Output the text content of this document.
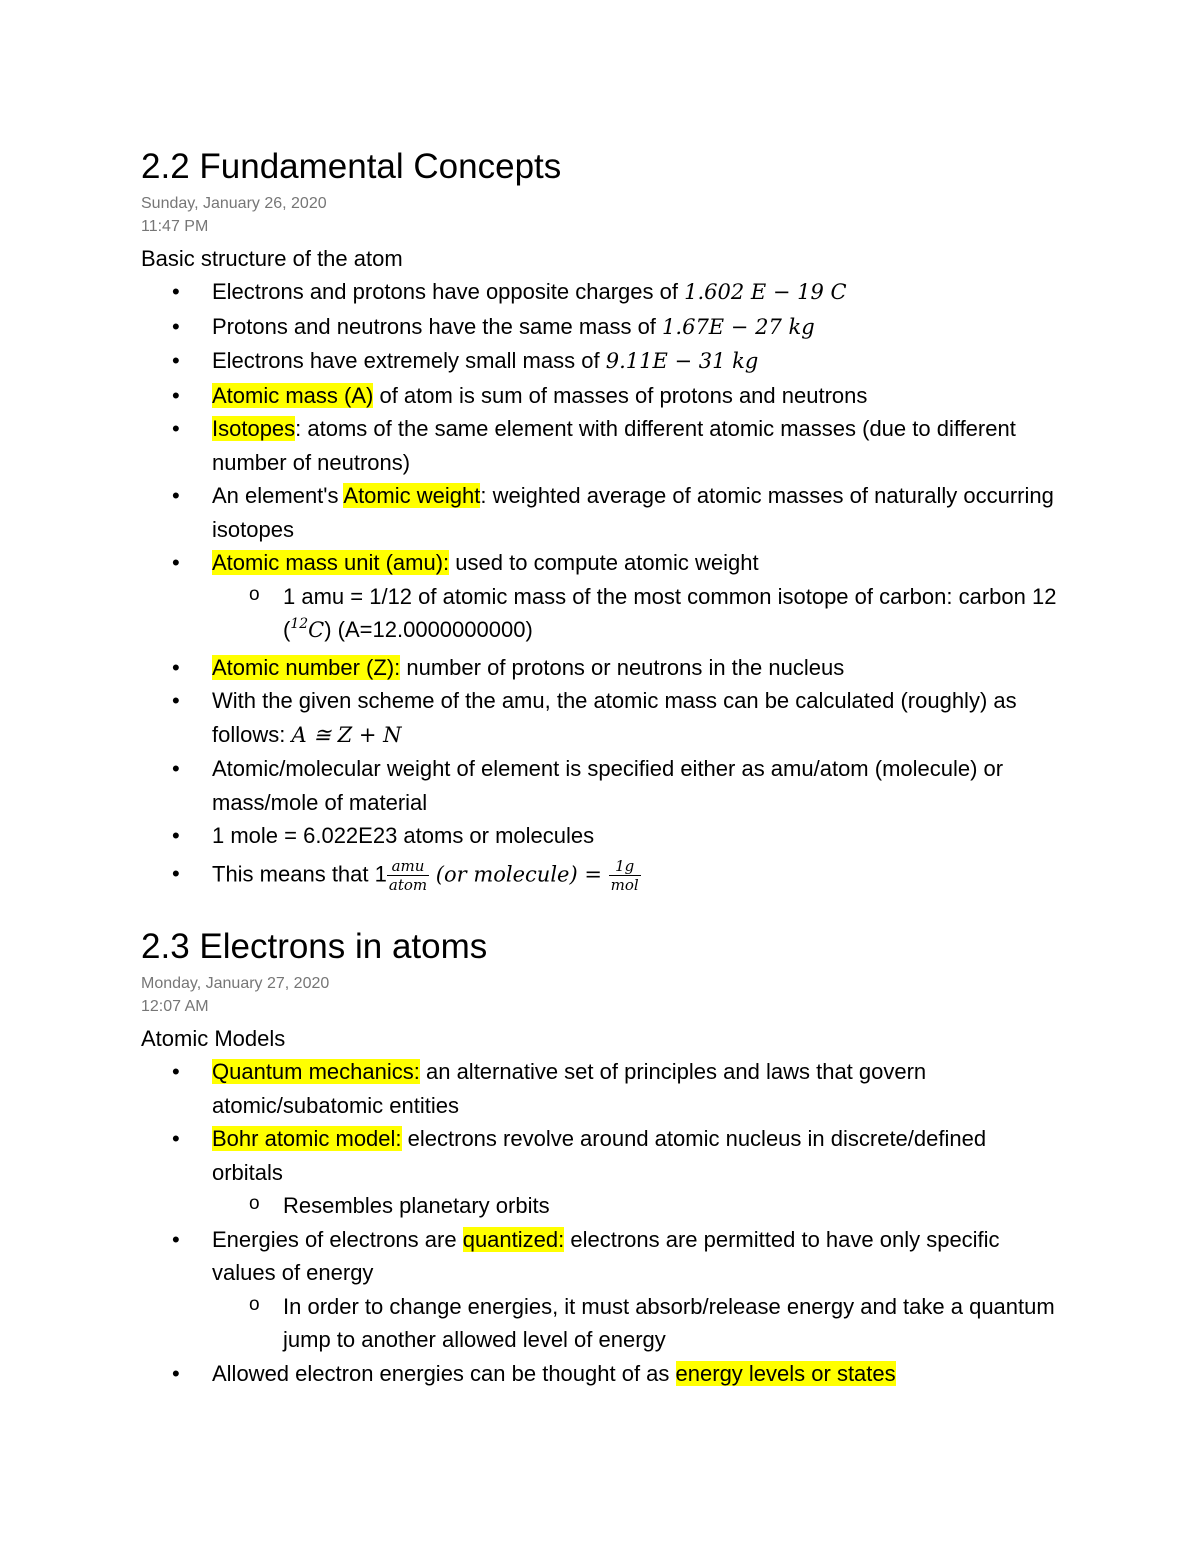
2.2 Fundamental Concepts
Sunday, January 26, 2020
11:47 PM
Basic structure of the atom
• Electrons and protons have opposite charges of 1.602 E − 19 C
• Protons and neutrons have the same mass of 1.67E − 27 kg
• Electrons have extremely small mass of 9.11E − 31 kg
• Atomic mass (A) of atom is sum of masses of protons and neutrons
• Isotopes: atoms of the same element with different atomic masses (due to different number of neutrons)
• An element's Atomic weight: weighted average of atomic masses of naturally occurring isotopes
• Atomic mass unit (amu): used to compute atomic weight
o 1 amu = 1/12 of atomic mass of the most common isotope of carbon: carbon 12 ($^{12}$C) (A=12.0000000000)
• Atomic number (Z): number of protons or neutrons in the nucleus
• With the given scheme of the amu, the atomic mass can be calculated (roughly) as follows: A ≅ Z + N
• Atomic/molecular weight of element is specified either as amu/atom (molecule) or mass/mole of material
• 1 mole = 6.022E23 atoms or molecules
• This means that $1 \frac{\text{amu}}{\text{atom}} (or$ molecule) = $\frac{1g}{\text{mol}}$
2.3 Electrons in atoms
Monday, January 27, 2020
12:07 AM
Atomic Models
• Quantum mechanics: an alternative set of principles and laws that govern atomic/subatomic entities
• Bohr atomic model: electrons revolve around atomic nucleus in discrete/defined orbitals
o Resembles planetary orbits
• Energies of electrons are quantized: electrons are permitted to have only specific values of energy
o In order to change energies, it must absorb/release energy and take a quantum jump to another allowed level of energy
• Allowed electron energies can be thought of as energy levels or states
